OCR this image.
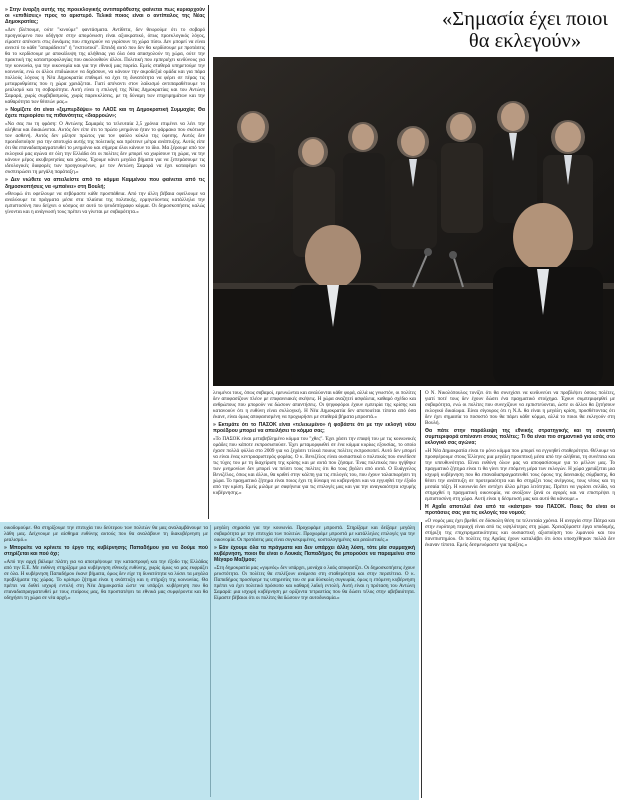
» Στην έναρξη αυτής της προεκλογικής αντιπαράθεσης φαίνεται πως κυριαρχούν οι «επιθέσεις» προς το αριστερό. Τελικά ποιος είναι ο αντίπαλος της Νέας Δημοκρατίας;

«Δεν βλέπουμε, ούτε "κινούμε" φαντάσματα. Αντίθετα, δεν θεωρούμε ότι το σοβαρό προηγούμενο που οδήγησε στην απομόνωση είναι αξιοκρατικό, όπως προεκλογικός λόγος, είμαστε απέναντι στις δυνάμεις που επιχειρούν να γυρίσουν τη χώρα πίσω. Δεν μπορεί να είναι ανεκτό το κάθε "απαράδεκτο" ή "εκπτωτικό". Επειδή αυτό που δεν θα κερδίσουμε με προτάσεις θα το κερδίσουμε με αποκάλυψη της αλήθειας για όλα όσα απασχολούν τη χώρα, ούτε την πρακτική της καταστροφολογίας που ακολουθούν άλλοι. Πολιτική που εμπεριέχει κινδύνους για την κοινωνία, για την οικονομία και για την εθνική μας πορεία. Εμείς σταθερά υπηρετούμε την κοινωνία, ενώ οι άλλοι επιδιώκουν να διχάσουν, να κάνουν την ακροδεξιά ομάδα και για πάρα πολλούς λόγους η Νέα Δημοκρατία επιθυμεί να έχει τη δυνατότητα να φέρει σε πέρας τις μεταρρυθμίσεις που η χώρα χρειάζεται. Γιατί απέναντι στον λαϊκισμό αντιπαραθέτουμε το ρεαλισμό και τη σοβαρότητα. Αυτή είναι η επιλογή της Νέας Δημοκρατίας και του Αντώνη Σαμαρά, χωρίς συμβιβασμούς, χωρίς παρεκκλίσεις, με τη δύναμη των επιχειρημάτων και την καθαρότητα των θέσεών μας.»

» Νομίζετε ότι είναι «ξεμπερδέψει» το ΛΑΟΣ και τη Δημοκρατική Συμμαχία; Θα έχετε περιορίσει τις πιθανότητες «διαρροών»;

«Να σας πω τη φράση: Ο Αντώνης Σαμαράς τα τελευταία 2,5 χρόνια επιμένει να λέει την αλήθεια και δικαιώνεται. Αυτός δεν είπε ότι το πρώτο μνημόνιο ήταν το φάρμακο που σκότωσε τον ασθενή. Αυτός δεν μίλησε πρώτος για τον φαύλο κύκλο της ύφεσης. Αυτός δεν προειδοποίησε για την αποτυχία αυτής της πολιτικής και πρότεινε μέτρα ανάπτυξης. Αυτός είπε ότι θα επαναδιαπραγματευθεί το μνημόνιο και σήμερα όλοι κάνουν το ίδιο. Μα ξέρουμε από τον εκλογικό μας αγώνα σε όλη την Ελλάδα ότι οι πολίτες δεν μπορεί να χωρίσουν τη χώρα, να την κάνουν μέρος ακυβερνησίας και χάους. Έχουμε κάνει μεγάλα βήματα για να ξεπεράσουμε τις ιδεολογικές διαφορές των προηγουμένων, με τον Αντώνη Σαμαρά να έχει καταφέρει να συσπειρώσει τη μεγάλη παράταξη.»

» Δεν νιώθετε να απειλείστε από το κόμμα Καμμένου που φαίνεται από τις δημοσκοπήσεις να «μπαίνει» στη Βουλή;

«Θεωρώ ότι οφείλουμε να σεβόμαστε κάθε προσπάθεια. Από την άλλη βέβαια οφείλουμε να αναλύουμε τα πράγματα μέσα στα πλαίσια της πολιτικής, ερμηνεύοντας κατάλληλα την εμπιστοσύνη που δείχνει ο κόσμος σε αυτό το ψευδεπίγραφο κόμμα. Οι δημοσκοπήσεις καλώς γίνονται και η ανάγνωσή τους πρέπει να γίνεται με σοβαρότητα.»

«Σημασία έχει ποιοι θα εκλεγούν»

λευμένοι τους, όπως σοβαροί, ερευνώνται και αναλύονται κάθε φορά, αλλά ως γνωστόν, οι πολίτες δεν αποφασίζουν πλέον με επιφανειακές σκέψεις. Η χώρα αναζητεί ασφάλεια, καθαρό σχέδιο και ανθρώπους που μπορούν να δώσουν απαντήσεις. Οι ψηφοφόροι έχουν εμπειρία της κρίσης και κατανοούν ότι η ευθύνη είναι συλλογική. Η Νέα Δημοκρατία δεν αποποιείται τίποτα από όσα έκανε, είναι όμως αποφασισμένη να προχωρήσει με σταθερά βήματα μπροστά.»

» Εκτιμάτε ότι το ΠΑΣΟΚ είναι «τελειωμένο» ή φοβάστε ότι με την εκλογή νέου προέδρου μπορεί να απειλήσει το κόμμα σας;

«Το ΠΑΣΟΚ είναι μεταβεβλημένο κόμμα του "χθες". Έχει χάσει την επαφή του με τις κοινωνικές ομάδες που κάποτε εκπροσωπούσε. Έχει μεταμορφωθεί σε ένα κόμμα κυρίως εξουσίας, το οποίο έχασε πολλά φύλλα στο 2009 για να ξεχάσει τελικά ποιους πολίτες εκπροσωπεί. Αυτό δεν μπορεί να είναι ένας κεντροαριστερός φορέας. Ο κ. Βενιζέλος είναι ουσιαστικά ο πολιτικός που συνέδεσε τις τύχες του με τη διαχείριση της κρίσης και με αυτά που ζήσαμε. Ένας πολιτικός που ηγήθηκε των μνημονίων δεν μπορεί να πείσει τους πολίτες ότι θα τους βγάλει από αυτά. Ο Ευάγγελος Βενιζέλος, όπως και άλλοι, θα κριθεί στην κάλπη για τις επιλογές του, που έχουν ταλαιπωρήσει τη χώρα. Το πραγματικό ζήτημα είναι ποιος έχει τη δύναμη να κυβερνήσει και να εγγυηθεί την έξοδο από την κρίση. Εμείς μιλάμε με σαφήνεια για τις επιλογές μας και για την αναγκαιότητα ισχυρής κυβέρνησης.»

Ο Ν. Νικολόπουλος τονίζει ότι θα συνεχίσει να κινδυνεύει να προβλέψει όσους πολίτες, γιατί ποτέ τους δεν έχουν δώσει ένα πραγματικό στοίχημα. Έχουν συμπεριφερθεί με σοβαρότητα, ενώ οι πολίτες που συνεχίζουν να εμπιστεύονται, ώστε οι άλλοι θα ζητήσουν εκλογικό δικαίωμα. Είναι σίγουρος ότι η Ν.Δ. θα είναι η μεγάλη κρίση, προσθέτοντας ότι δεν έχει σημασία το ποσοστό που θα πάρει κάθε κόμμα, αλλά το ποιοι θα εκλεγούν στη Βουλή.

Θα πάτε στην παράλειψη της εθνικής στρατηγικής και τη συνεπή συμπεριφορά απέναντι στους πολίτες; Τι θα είναι πιο σημαντικό για εσάς στο εκλογικό σας αγώνα;

«Η Νέα Δημοκρατία είναι το μόνο κόμμα που μπορεί να εγγυηθεί σταθερότητα. Θέλουμε να προσφέρουμε στους Έλληνες μια μεγάλη προοπτική μέσα από την αλήθεια, τη συνέπεια και την υπευθυνότητα. Είναι ευθύνη όλων μας να αποφασίσουμε για το μέλλον μας. Το πραγματικό ζήτημα είναι τι θα γίνει την επόμενη μέρα των εκλογών. Η χώρα χρειάζεται μια ισχυρή κυβέρνηση που θα επαναδιαπραγματευθεί τους όρους της δανειακής σύμβασης, θα θέσει την ανάπτυξη σε προτεραιότητα και θα στηρίξει τους ανέργους, τους νέους και τη μεσαία τάξη. Η κοινωνία δεν αντέχει άλλα μέτρα λιτότητας. Πρέπει να γυρίσει σελίδα, να στηριχθεί η πραγματική οικονομία, να ανοίξουν ξανά οι αγορές και να επιστρέψει η εμπιστοσύνη στη χώρα. Αυτή είναι η δέσμευσή μας και αυτό θα κάνουμε.»

Η Αχαΐα αποτελεί ένα από τα «κάστρα» του ΠΑΣΟΚ. Ποιες θα είναι οι προτάσεις σας για τις εκλογές του νομού;

«Ο νομός μας έχει βρεθεί σε δύσκολη θέση τα τελευταία χρόνια. Η ανεργία στην Πάτρα και στην ευρύτερη περιοχή είναι από τις υψηλότερες στη χώρα. Χρειαζόμαστε έργα υποδομής, στήριξη της επιχειρηματικότητας και ουσιαστική αξιοποίηση του λιμανιού και του πανεπιστημίου. Οι πολίτες της Αχαΐας έχουν καταλάβει ότι όσοι υποσχέθηκαν πολλά δεν έκαναν τίποτα. Εμείς δεσμευόμαστε για πράξεις.»

οικοδομούμε. Θα στηρίξουμε την επιτυχία του δεύτερου των πολιτών θα μας αναλαμβάνουμε τα λάθη μας. Δείχνουμε με αίσθημα ευθύνης αυτούς που θα αναλάβουν τη διακυβέρνηση με ρεαλισμό.»

» Μπορείτε να κρίνετε το έργο της κυβέρνησης Παπαδήμου για να δούμε πού στηρίζεται και πού όχι;

«Από την αρχή βάλαμε πλάτη για να αποτρέψουμε την καταστροφή και την έξοδο της Ελλάδας από την Ε.Ε. Με ευθύνη στηρίξαμε μια κυβέρνηση εθνικής ευθύνης, χωρίς όμως να μας εκφράζει σε όλα. Η κυβέρνηση Παπαδήμου έκανε βήματα, όμως δεν είχε τη δυνατότητα να λύσει τα μεγάλα προβλήματα της χώρας. Το κρίσιμο ζήτημα είναι η ανάπτυξη και η στήριξη της κοινωνίας. Θα πρέπει να δοθεί ισχυρή εντολή στη Νέα Δημοκρατία ώστε να υπάρξει κυβέρνηση που θα επαναδιαπραγματευθεί με τους εταίρους μας, θα προστατέψει τα εθνικά μας συμφέροντα και θα οδηγήσει τη χώρα σε νέα αρχή.»

μεγάλη σημασία για την κοινωνία. Προχωράμε μπροστά. Στηρίξαμε και δείξαμε μεγάλη σοβαρότητα με την επιτυχία των πολιτών. Προχωράμε μπροστά με κατάλληλες επιλογές για την οικονομία. Οι προτάσεις μας είναι συγκεκριμένες, κοστολογημένες και ρεαλιστικές.»

» Εάν έχουμε όλα τα πράγματα και δεν υπάρχει άλλη λύση, τότε μία συμμαχική κυβέρνηση, ποιοι θα είναι ο Λουκάς Παπαδήμος θα μπορούσε να παραμείνει στο Μέγαρο Μαξίμου;

«Στη δημοκρατία μας «γυμνός» δεν υπάρχει, μονάχα ο λαός αποφασίζει. Οι δημοσκοπήσεις έχουν ρευστότητα. Οι πολίτες θα επιλέξουν ανάμεσα στη σταθερότητα και στην περιπέτεια. Ο κ. Παπαδήμος προσέφερε τις υπηρεσίες του σε μια δύσκολη συγκυρία, όμως η επόμενη κυβέρνηση πρέπει να έχει πολιτικό πρόσωπο και καθαρή λαϊκή εντολή. Αυτή είναι η πρόταση του Αντώνη Σαμαρά: μια ισχυρή κυβέρνηση με ορίζοντα τετραετίας που θα δώσει τέλος στην αβεβαιότητα. Είμαστε βέβαιοι ότι οι πολίτες θα δώσουν την αυτοδυναμία.»
